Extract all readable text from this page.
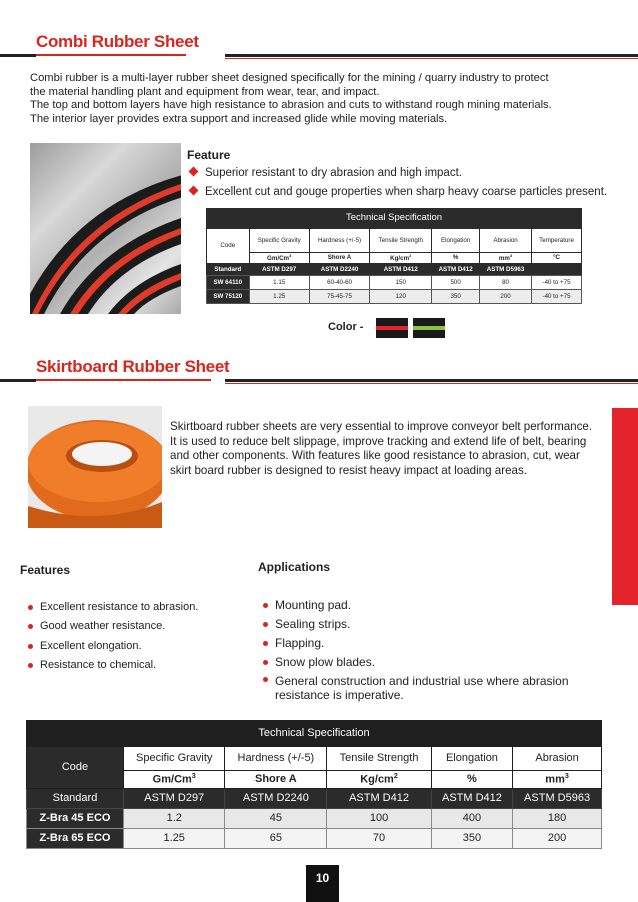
Combi Rubber Sheet
Combi rubber is a multi-layer rubber sheet designed specifically for the mining / quarry industry to protect
the material handling plant and equipment from wear, tear, and impact.
The top and bottom layers have high resistance to abrasion and cuts to withstand rough mining materials.
The interior layer provides extra support and increased glide while moving materials.
Feature
Superior resistant to dry abrasion and high impact.
Excellent cut and gouge properties when sharp heavy coarse particles present.
Technical Specification						
Code	Specific Gravity	Hardness (+/-5)	Tensile Strength	Elongation	Abrasion	Temperature
	Gm/Cm$^3$	Shore A	$Kg/cm^2$	%	$mm^3$	°C
Standard	ASTM D297	ASTM D2240	ASTM D412	ASTM D412	ASTM D5963	
SW 64110	1.15	60-40-60	150	500	80	-40 to +75
SW 75120	1.25	75-45-75	120	350	200	-40 to +75
Color -
Skirtboard Rubber Sheet
Skirtboard rubber sheets are very essential to improve conveyor belt performance.
It is used to reduce belt slippage, improve tracking and extend life of belt, bearing
and other components. With features like good resistance to abrasion, cut, wear
skirt board rubber is designed to resist heavy impact at loading areas.
Features	Applications
Excellent resistance to abrasion.
Good weather resistance.
Excellent elongation.
Resistance to chemical.
Mounting pad.
Sealing strips.
Flapping.
Snow plow blades.
General construction and industrial use where abrasion
resistance is imperative.
Technical Specification					
Code	Specific Gravity	Hardness (+/-5)	Tensile Strength	Elongation	Abrasion
	Gm/Cm$^3$	Shore A	$Kg/cm^2$	%	$mm^3$
Standard	ASTM D297	ASTM D2240	ASTM D412	ASTM D412	ASTM D5963
Z-Bra 45 ECO	1.2	45	100	400	180
Z-Bra 65 ECO	1.25	65	70	350	200
10
